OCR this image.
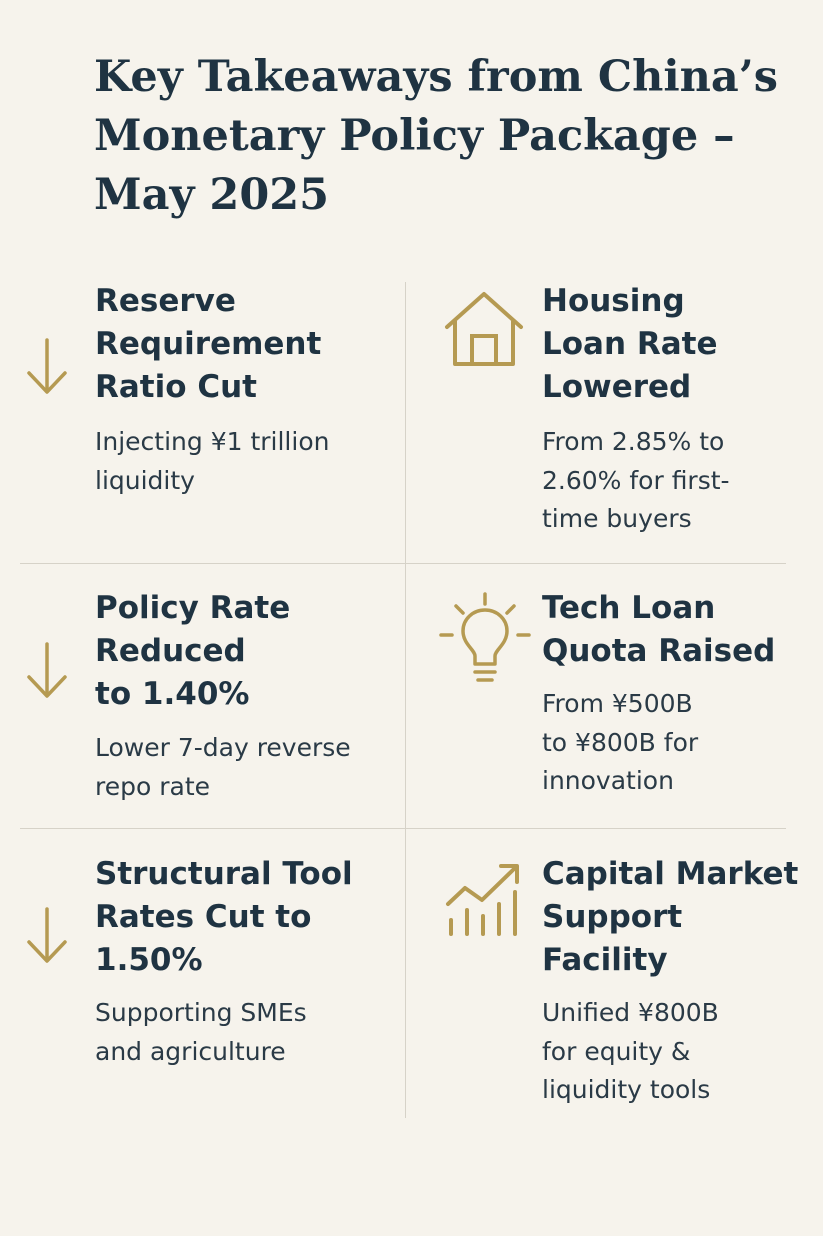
Key Takeaways from China’s
Monetary Policy Package –
May 2025
Reserve
Requirement
Ratio Cut

Injecting ¥1 trillion
liquidity

Housing
Loan Rate
Lowered

From 2.85% to
2.60% for first-
time buyers

Policy Rate
Reduced
to 1.40%

Lower 7-day reverse
repo rate

Tech Loan
Quota Raised

From ¥500B
to ¥800B for
innovation

Structural Tool
Rates Cut to
1.50%

Supporting SMEs
and agriculture

Capital Market
Support
Facility

Unified ¥800B
for equity &
liquidity tools
